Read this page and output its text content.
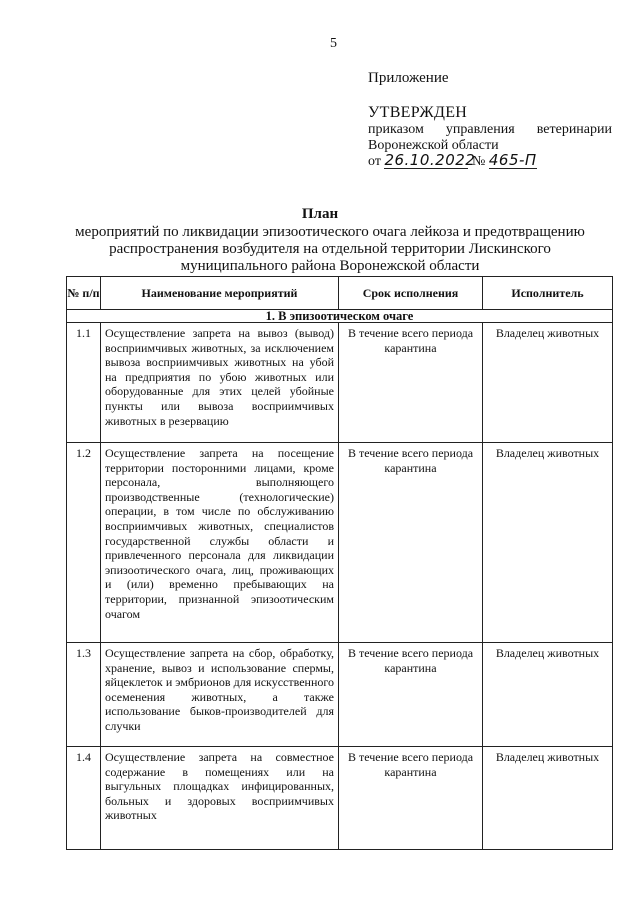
5
Приложение
УТВЕРЖДЕН
приказом управления ветеринарии
Воронежской области
от 26.10.2022 № 465-П
План
мероприятий по ликвидации эпизоотического очага лейкоза и предотвращению распространения возбудителя на отдельной территории Лискинского муниципального района Воронежской области
№ п/п	Наименование мероприятий	Срок исполнения	Исполнитель
1. В эпизоотическом очаге			
1.1	Осуществление запрета на вывоз (вывод) восприимчивых животных, за исключением вывоза восприимчивых животных на убой на предприятия по убою животных или оборудованные для этих целей убойные пункты или вывоза восприимчивых животных в резервацию	В течение всего периода карантина	Владелец животных
1.2	Осуществление запрета на посещение территории посторонними лицами, кроме персонала, выполняющего производственные (технологические) операции, в том числе по обслуживанию восприимчивых животных, специалистов государственной службы области и привлеченного персонала для ликвидации эпизоотического очага, лиц, проживающих и (или) временно пребывающих на территории, признанной эпизоотическим очагом	В течение всего периода карантина	Владелец животных
1.3	Осуществление запрета на сбор, обработку, хранение, вывоз и использование спермы, яйцеклеток и эмбрионов для искусственного осеменения животных, а также использование быков-производителей для случки	В течение всего периода карантина	Владелец животных
1.4	Осуществление запрета на совместное содержание в помещениях или на выгульных площадках инфицированных, больных и здоровых восприимчивых животных	В течение всего периода карантина	Владелец животных
